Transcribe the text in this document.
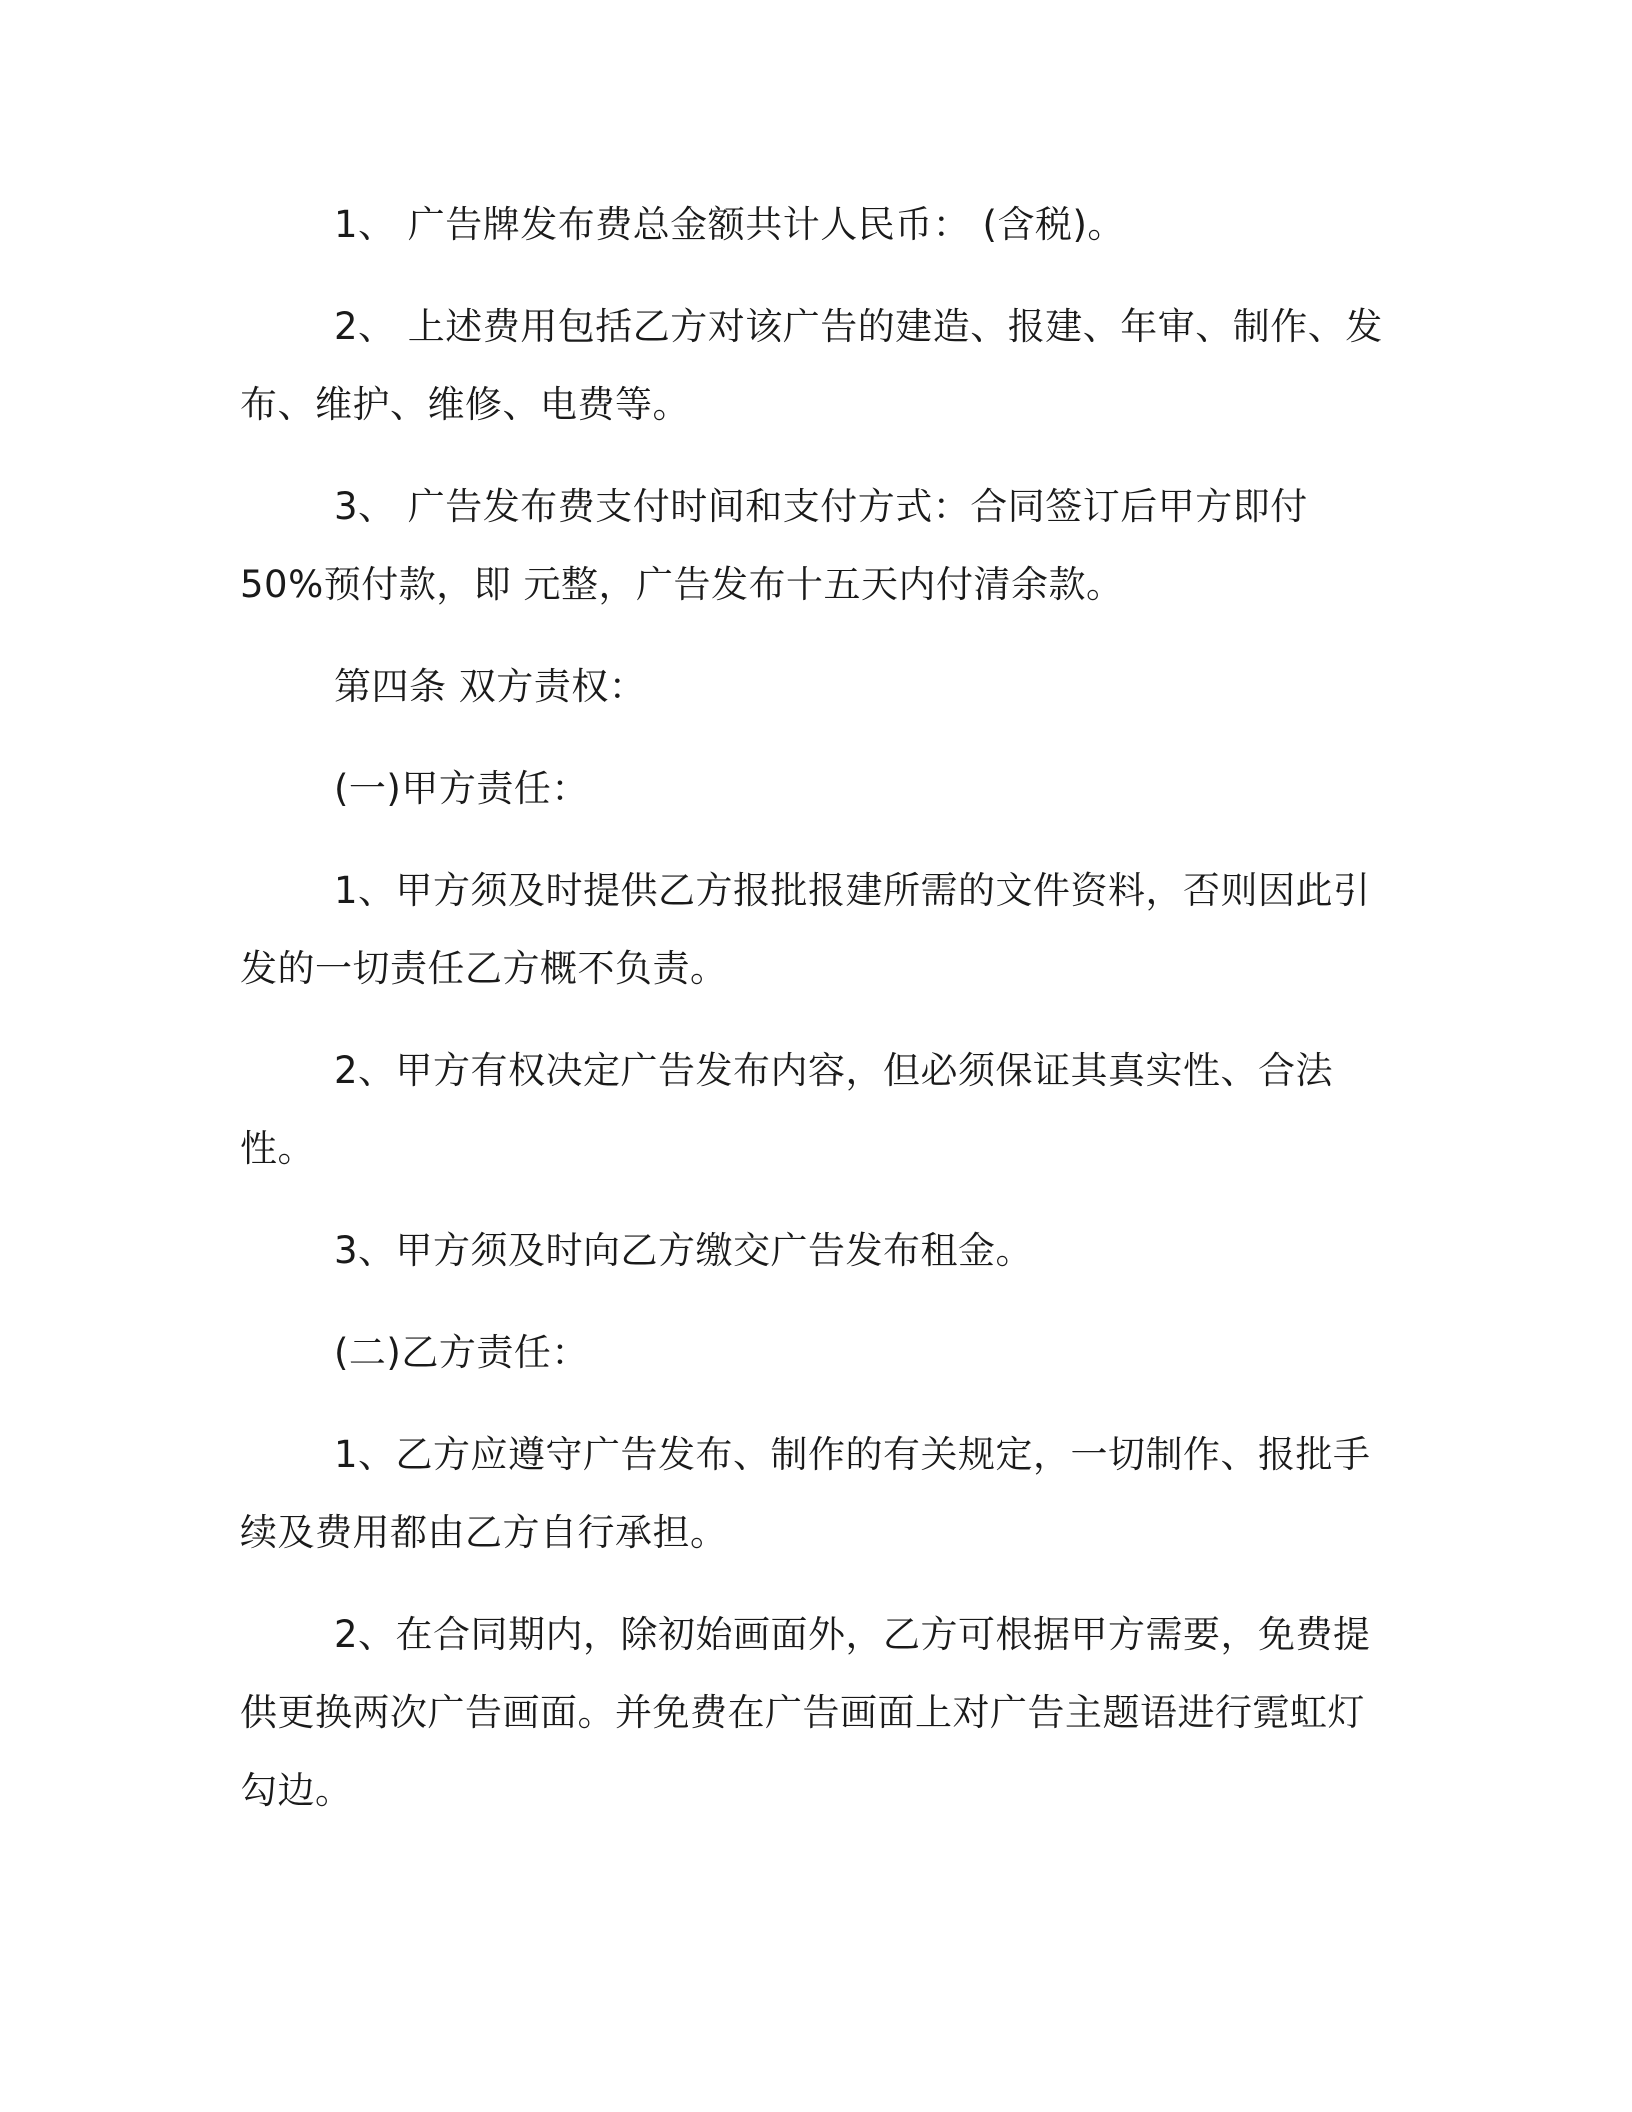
1、 广告牌发布费总金额共计人民币： (含税)。

2、 上述费用包括乙方对该广告的建造、报建、年审、制作、发布、维护、维修、电费等。

3、 广告发布费支付时间和支付方式：合同签订后甲方即付 50%预付款，即 元整，广告发布十五天内付清余款。

第四条 双方责权：

(一)甲方责任：

1、甲方须及时提供乙方报批报建所需的文件资料，否则因此引发的一切责任乙方概不负责。

2、甲方有权决定广告发布内容，但必须保证其真实性、合法性。

3、甲方须及时向乙方缴交广告发布租金。

(二)乙方责任：

1、乙方应遵守广告发布、制作的有关规定，一切制作、报批手续及费用都由乙方自行承担。

2、在合同期内，除初始画面外，乙方可根据甲方需要，免费提供更换两次广告画面。并免费在广告画面上对广告主题语进行霓虹灯勾边。
